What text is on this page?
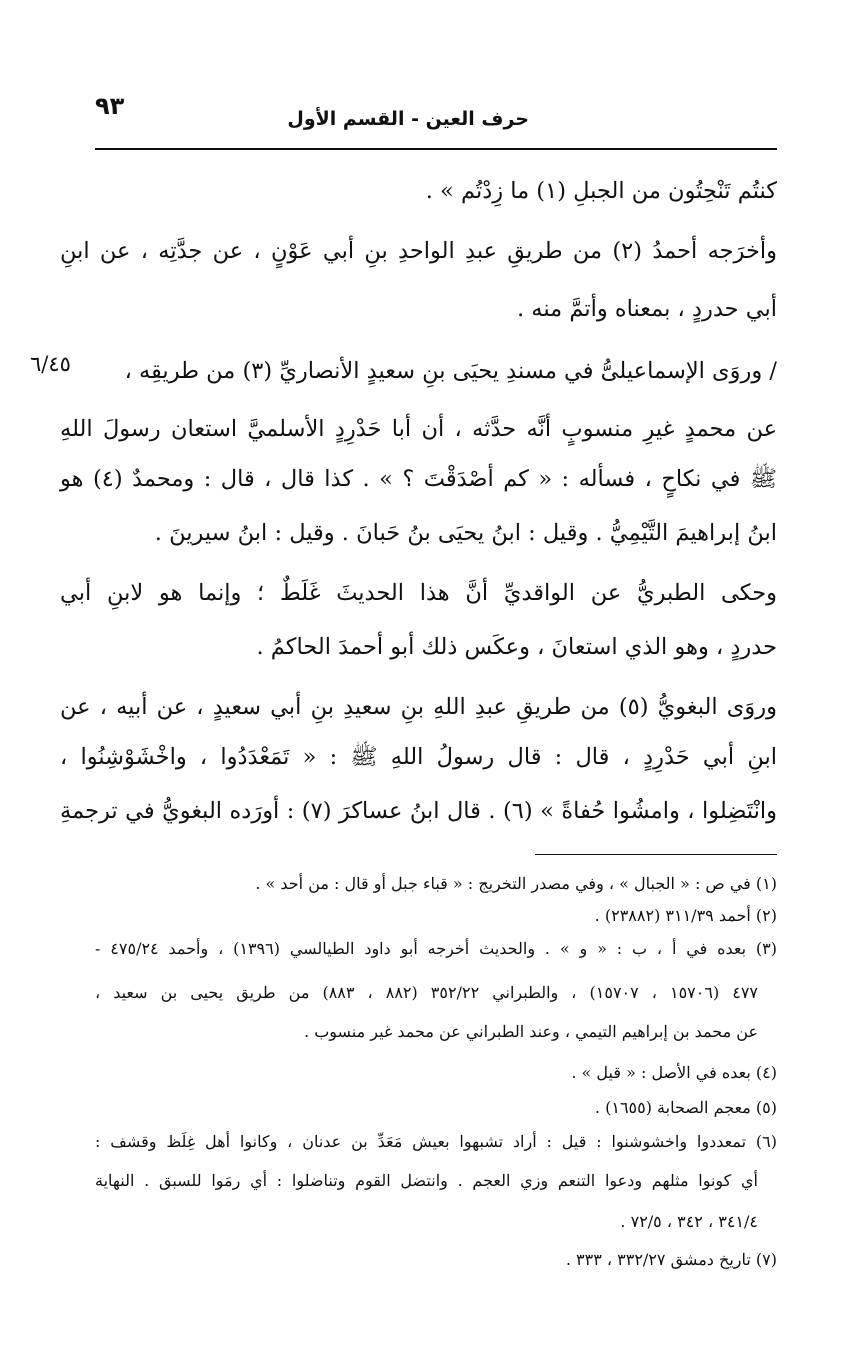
٩٣	حرف العين - القسم الأول
٦/٤٥
كنتُم تَنْحِتُون من الجبلِ (١) ما زِدْتُم » .
وأخرَجه أحمدُ (٢) من طريقِ عبدِ الواحدِ بنِ أبي عَوْنٍ ، عن جدَّتِه ، عن ابنِ
أبي حدردٍ ، بمعناه وأتمَّ منه .
/ وروَى الإسماعيلىُّ في مسندِ يحيَى بنِ سعيدٍ الأنصاريِّ (٣) من طريقِه ،
عن محمدٍ غيرِ منسوبٍ أنَّه حدَّثه ، أن أبا حَدْرِدٍ الأسلميَّ استعان رسولَ اللهِ
ﷺ في نكاحٍ ، فسأله : « كم أصْدَقْتَ ؟ » . كذا قال ، قال : ومحمدٌ (٤) هو
ابنُ إبراهيمَ التَّيْمِيُّ . وقيل : ابنُ يحيَى بنُ حَبانَ . وقيل : ابنُ سيرينَ .
وحكى الطبريُّ عن الواقديِّ أنَّ هذا الحديثَ غَلَطٌ ؛ وإنما هو لابنِ أبي
حدردٍ ، وهو الذي استعانَ ، وعكَس ذلك أبو أحمدَ الحاكمُ .
وروَى البغويُّ (٥) من طريقِ عبدِ اللهِ بنِ سعيدِ بنِ أبي سعيدٍ ، عن أبيه ، عن
ابنِ أبي حَدْرِدٍ ، قال : قال رسولُ اللهِ ﷺ : « تَمَعْدَدُوا ، واخْشَوْشِنُوا ،
وانْتَضِلوا ، وامشُوا حُفاةً » (٦) . قال ابنُ عساكرَ (٧) : أورَده البغويُّ في ترجمةِ
(١) في ص : « الجبال » ، وفي مصدر التخريج : « قباء جبل أو قال : من أحد » .
(٢) أحمد ٣١١/٣٩ (٢٣٨٨٢) .
(٣) بعده في أ ، ب : « و » . والحديث أخرجه أبو داود الطيالسي (١٣٩٦) ، وأحمد ٤٧٥/٢٤ -
٤٧٧ (١٥٧٠٦ ، ١٥٧٠٧) ، والطبراني ٣٥٢/٢٢ (٨٨٢ ، ٨٨٣) من طريق يحيى بن سعيد ،
عن محمد بن إبراهيم التيمي ، وعند الطبراني عن محمد غير منسوب .
(٤) بعده في الأصل : « قيل » .
(٥) معجم الصحابة (١٦٥٥) .
(٦) تمعددوا واخشوشنوا : قيل : أراد تشبهوا بعيش مَعَدِّ بن عدنان ، وكانوا أهل غِلَظ وقشف :
أي كونوا مثلهم ودعوا التنعم وزي العجم . وانتضل القوم وتناضلوا : أي رمَوا للسبق . النهاية
٣٤١/٤ ، ٣٤٢ ، ٧٢/٥ .
(٧) تاريخ دمشق ٣٣٢/٢٧ ، ٣٣٣ .
